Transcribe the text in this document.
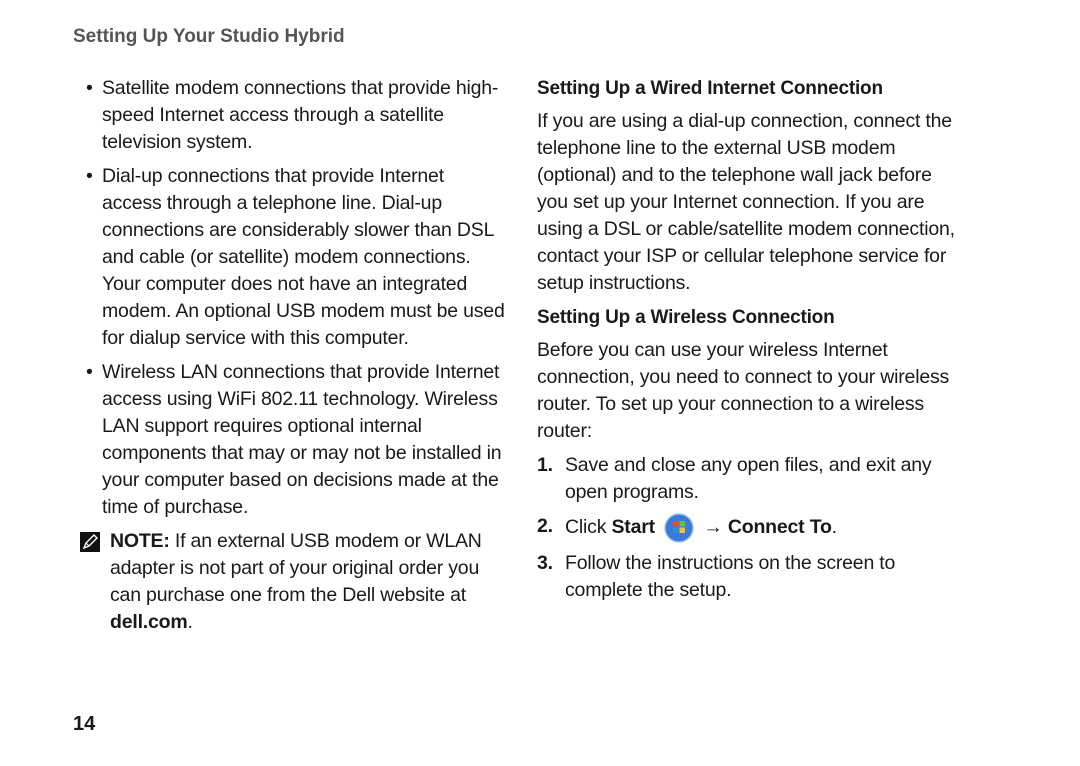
Setting Up Your Studio Hybrid
• Satellite modem connections that provide high-speed Internet access through a satellite television system.
• Dial-up connections that provide Internet access through a telephone line. Dial-up connections are considerably slower than DSL and cable (or satellite) modem connections. Your computer does not have an integrated modem. An optional USB modem must be used for dialup service with this computer.
• Wireless LAN connections that provide Internet access using WiFi 802.11 technology. Wireless LAN support requires optional internal components that may or may not be installed in your computer based on decisions made at the time of purchase.
NOTE: If an external USB modem or WLAN adapter is not part of your original order you can purchase one from the Dell website at dell.com.
Setting Up a Wired Internet Connection

If you are using a dial-up connection, connect the telephone line to the external USB modem (optional) and to the telephone wall jack before you set up your Internet connection. If you are using a DSL or cable/satellite modem connection, contact your ISP or cellular telephone service for setup instructions.

Setting Up a Wireless Connection

Before you can use your wireless Internet connection, you need to connect to your wireless router. To set up your connection to a wireless router:

1. Save and close any open files, and exit any open programs.
2. Click Start → Connect To.
3. Follow the instructions on the screen to complete the setup.
14
